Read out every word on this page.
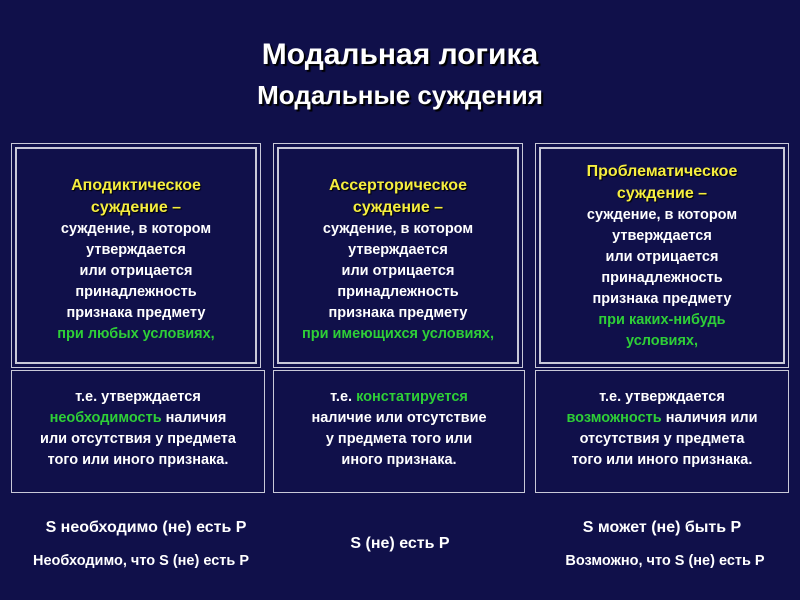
Модальная логика
Модальные суждения
Аподиктическое
суждение –
суждение, в котором
утверждается
или отрицается
принадлежность
признака предмету
при любых условиях,
Ассерторическое
суждение –
суждение, в котором
утверждается
или отрицается
принадлежность
признака предмету
при имеющихся условиях,
Проблематическое
суждение –
суждение, в котором
утверждается
или отрицается
принадлежность
признака предмету
при каких-нибудь
условиях,
т.е. утверждается
необходимость наличия
или отсутствия у предмета
того или иного признака.
т.е. констатируется
наличие или отсутствие
у предмета того или
иного признака.
т.е. утверждается
возможность наличия или
отсутствия у предмета
того или иного признака.
S необходимо (не) есть Р
Необходимо, что S (не) есть Р
S (не) есть Р
S может (не) быть Р
Возможно, что S (не) есть Р
